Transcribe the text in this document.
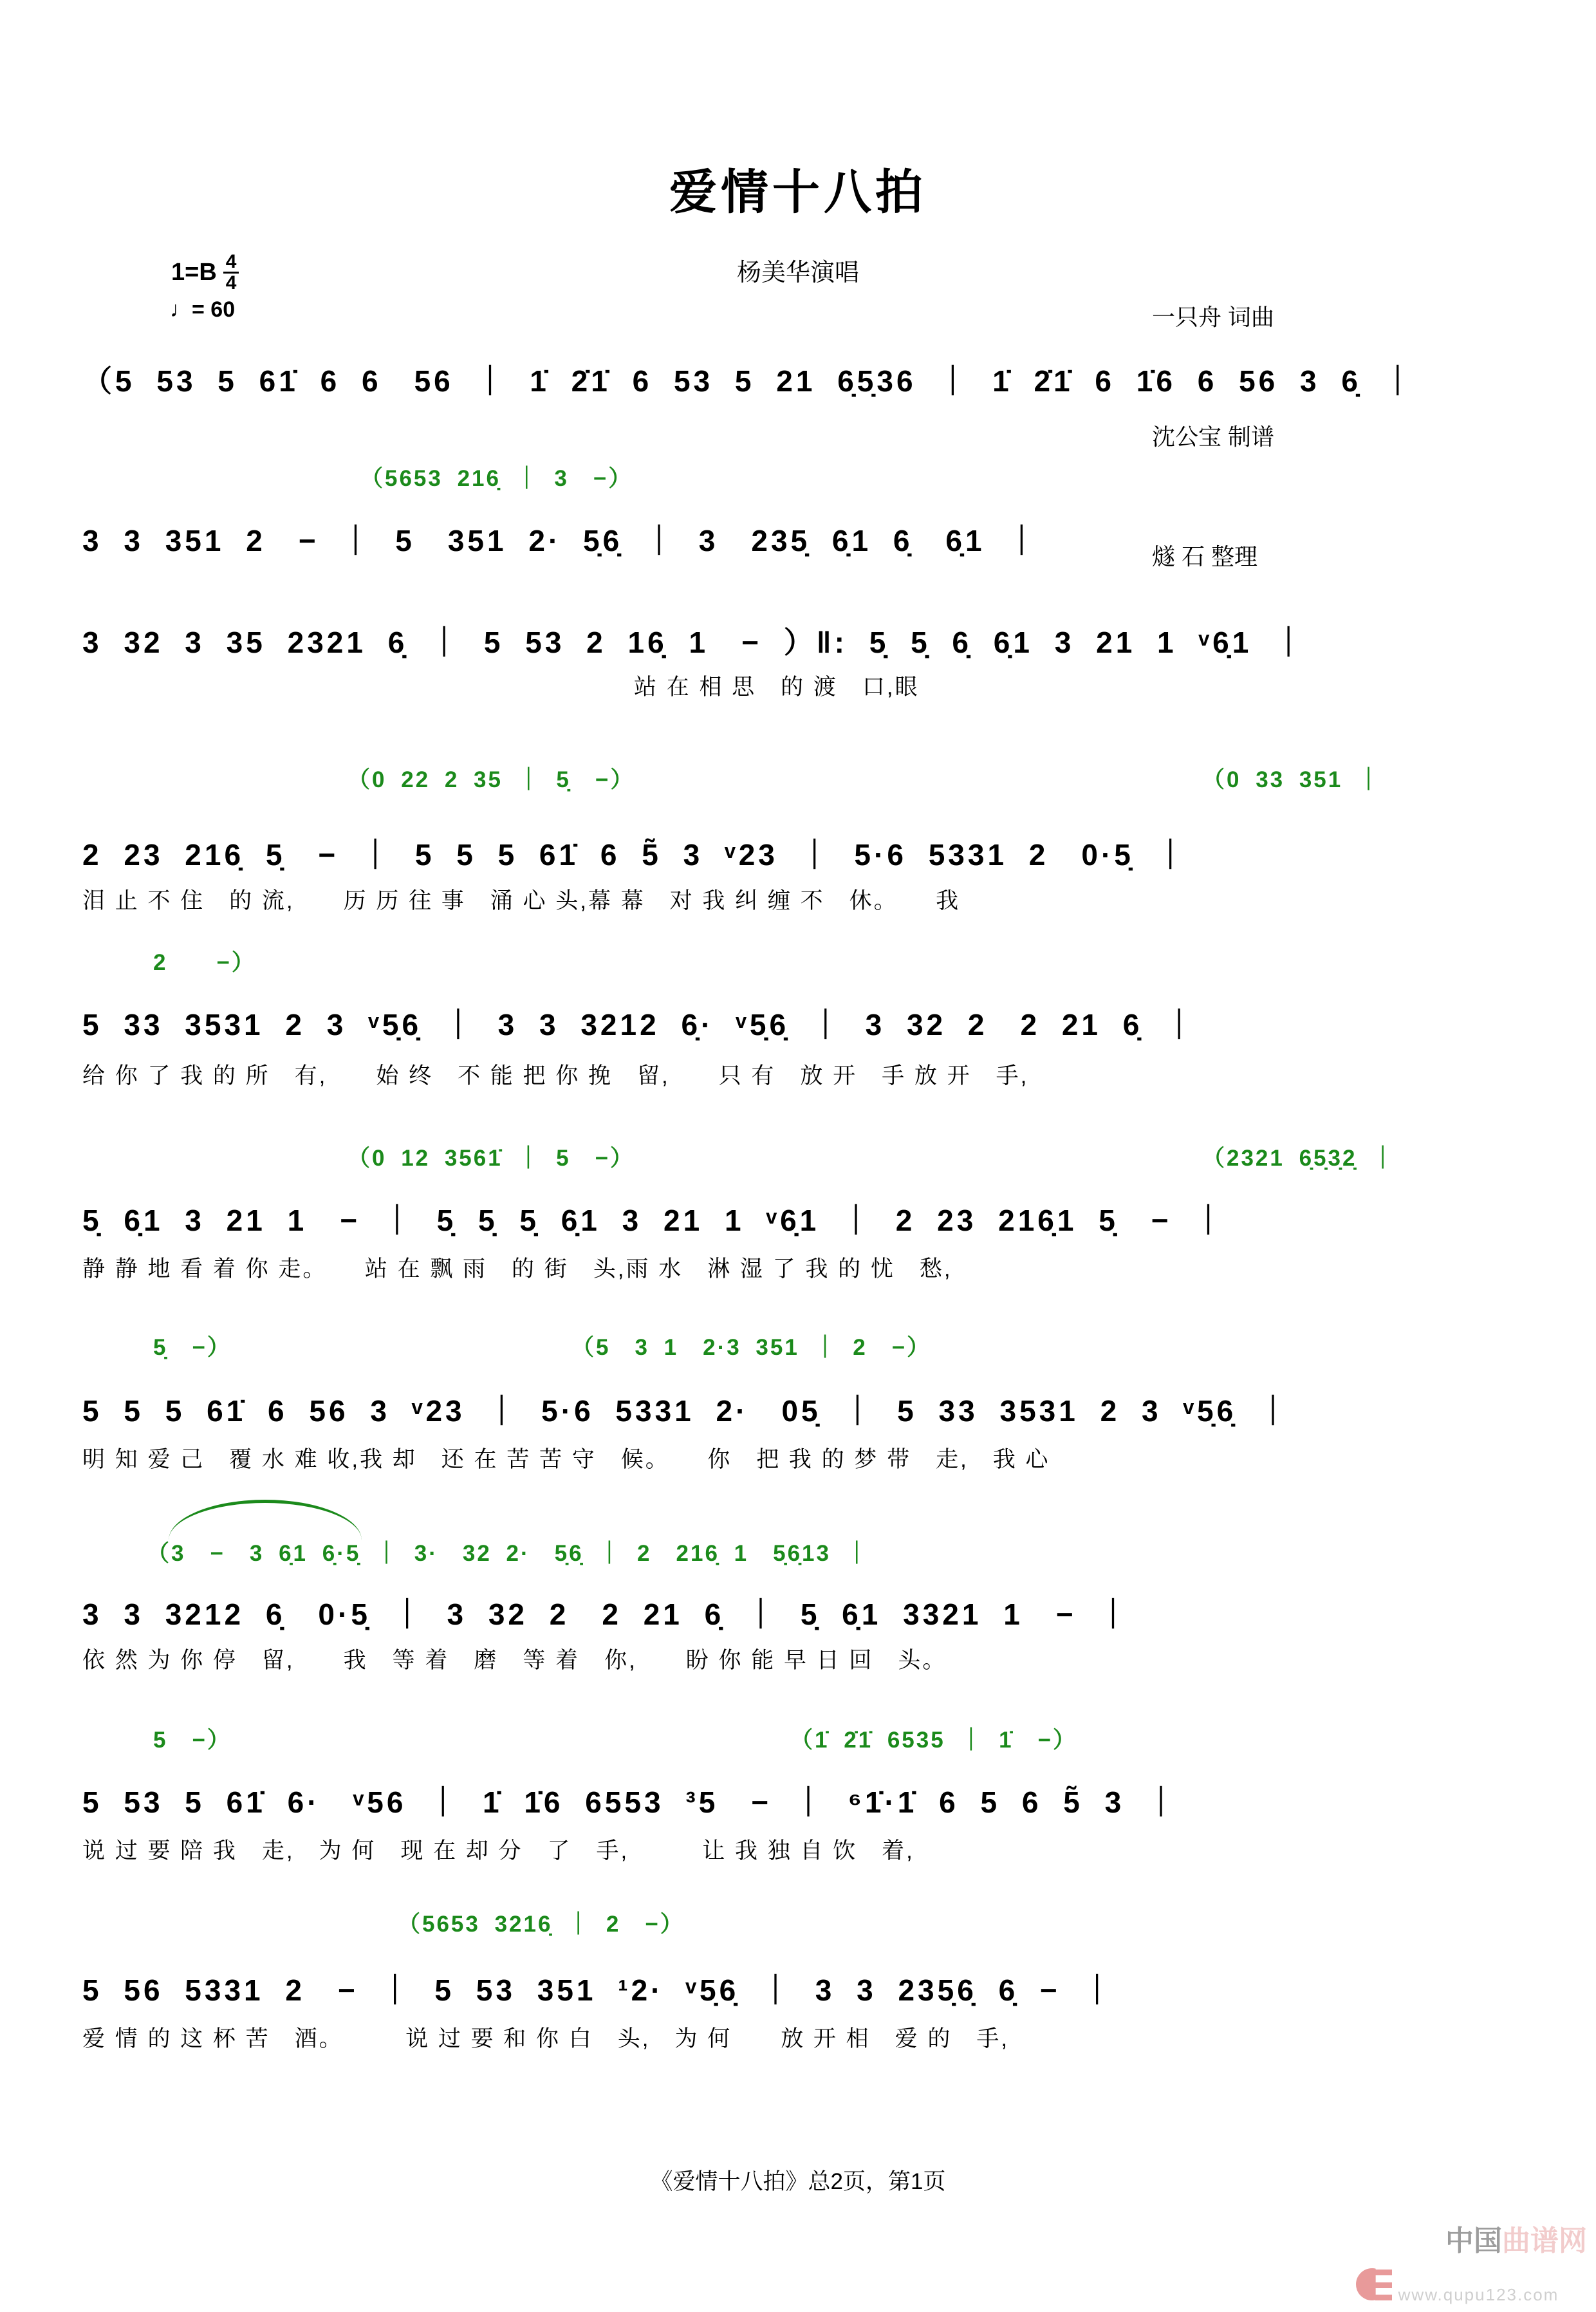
爱情十八拍

一只舟 词曲

沈公宝 制谱

燧 石 整理

杨美华演唱
$1=B \frac{4}{4}$
♩= 60
（5 53 5 61̇ 6 6　56 ｜ 1̇ 2̇1̇ 6 53 5 21 6̣5̣36 ｜ 1̇ 2̇1̇ 6 1̇6 6 56 3 6̣ ｜
（5653 216̣ ｜ 3　−）
3 3 351 2　− ｜ 5　351 2· 5̣6̣ ｜ 3　235̣ 6̣1 6̣　6̣1 ｜
3 32 3 35 2321 6̣ ｜ 5 53 2 16̣ 1　− ）‖: 5̣ 5̣ 6̣ 6̣1 3 21 1 ᵛ6̣1 ｜
站 在 相 思　的 渡　口,眼
（0 22 2 35 ｜ 5̣　−）	（0 33 351 ｜
2 23 216̣ 5̣　− ｜ 5 5 5 61̇ 6 5̃ 3 ᵛ23 ｜ 5·6 5331 2　0·5̣ ｜
泪 止 不 住　的 流,　　历 历 往 事　涌 心 头,幕 幕　对 我 纠 缠 不　休。　　我
2　　−）
5 33 3531 2 3 ᵛ5̣6̣ ｜ 3 3 3212 6̣· ᵛ5̣6̣ ｜ 3 32 2　2 21 6̣ ｜
给 你 了 我 的 所　有,　　始 终　不 能 把 你 挽　留,　　只 有　放 开　手 放 开　手,
（0 12 3561̇ ｜ 5　−）	（2321 6̣5̣3̣2̣ ｜
5̣ 6̣1 3 21 1　− ｜ 5̣ 5̣ 5̣ 6̣1 3 21 1 ᵛ6̣1 ｜ 2 23 216̣1 5̣　− ｜
静 静 地 看 着 你 走。　　站 在 飘 雨　的 街　头,雨 水　淋 湿 了 我 的 忧　愁,
5̣　−）	（5　3 1　2·3 351 ｜ 2　−）
5 5 5 61̇ 6 56 3 ᵛ23 ｜ 5·6 5331 2·　05̣ ｜ 5 33 3531 2 3 ᵛ5̣6̣ ｜
明 知 爱 己　覆 水 难 收,我 却　还 在 苦 苦 守　候。　　你　把 我 的 梦 带　走,　我 心
（3　−　3 6̣1 6̣·5̣ ｜ 3·　32 2·　5̣6̣ ｜ 2　216̣ 1　5̣6̣13 ｜
3 3 3212 6̣　0·5̣ ｜ 3 32 2　2 21 6̣ ｜ 5̣ 6̣1 3321 1　− ｜
依 然 为 你 停　留,　　我　等 着　磨　等 着　你,　　盼 你 能 早 日 回　头。
5　−）	（1̇ 2̇1̇ 6535 ｜ 1̇　−）
5 53 5 61̇ 6·　ᵛ56 ｜ 1̇ 1̇6 6553 ³5　− ｜ ⁶1̇·1̇ 6 5 6 5̃ 3 ｜
说 过 要 陪 我　走,　为 何　现 在 却 分　了　手,　　　让 我 独 自 饮　着,
（5653 3216̣ ｜ 2　−）
5 56 5331 2　− ｜ 5 53 351 ¹2· ᵛ5̣6̣ ｜ 3 3 235̣6̣ 6̣ − ｜
爱 情 的 这 杯 苦　酒。　　　说 过 要 和 你 白　头,　为 何　　放 开 相　爱 的　手,
《爱情十八拍》总2页，第1页

中国曲谱网

www.qupu123.com
